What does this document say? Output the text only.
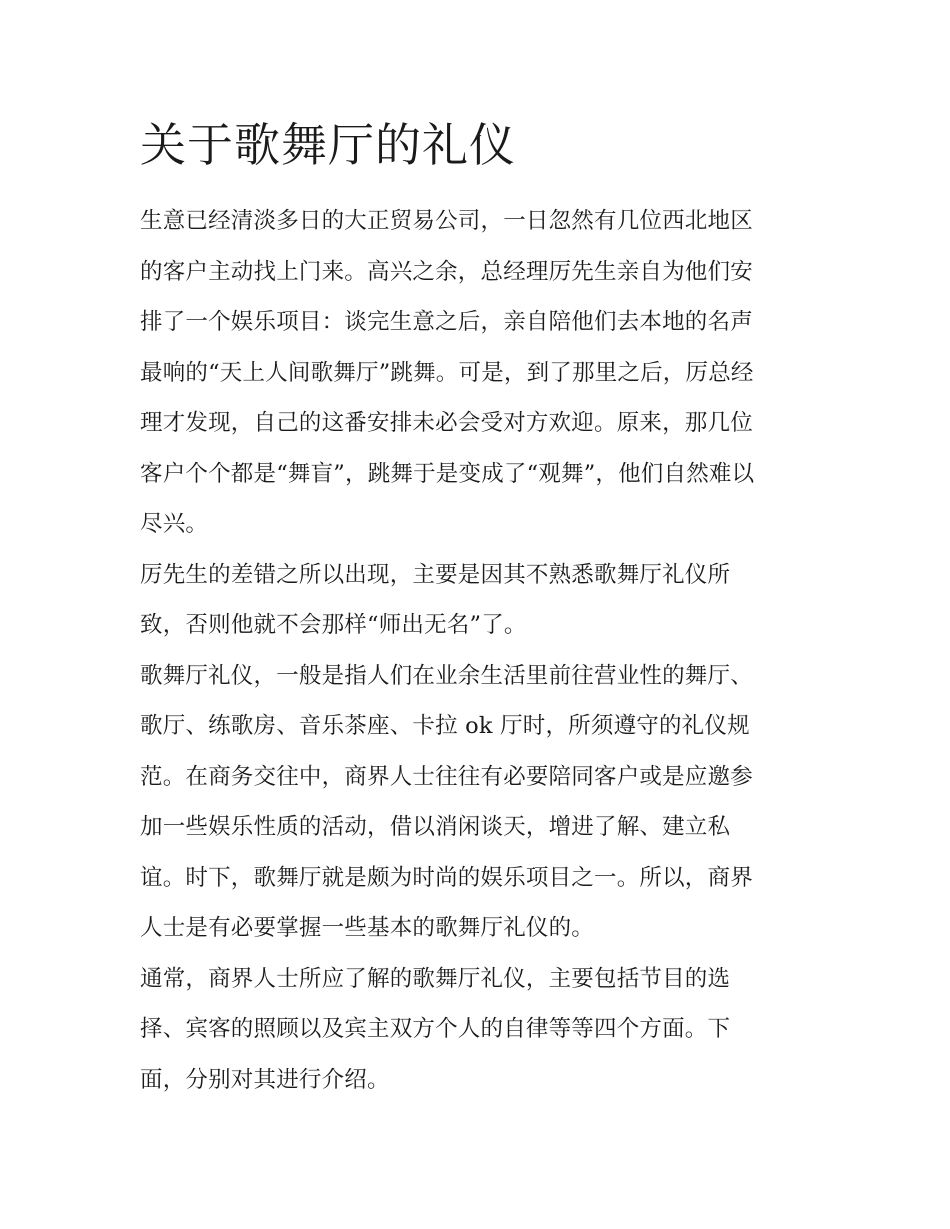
关于歌舞厅的礼仪

生意已经清淡多日的大正贸易公司，一日忽然有几位西北地区
的客户主动找上门来。高兴之余，总经理厉先生亲自为他们安
排了一个娱乐项目：谈完生意之后，亲自陪他们去本地的名声
最响的“天上人间歌舞厅”跳舞。可是，到了那里之后，厉总经
理才发现，自己的这番安排未必会受对方欢迎。原来，那几位
客户个个都是“舞盲”，跳舞于是变成了“观舞”，他们自然难以
尽兴。

厉先生的差错之所以出现，主要是因其不熟悉歌舞厅礼仪所
致，否则他就不会那样“师出无名”了。

歌舞厅礼仪，一般是指人们在业余生活里前往营业性的舞厅、
歌厅、练歌房、音乐茶座、卡拉 ok 厅时，所须遵守的礼仪规
范。在商务交往中，商界人士往往有必要陪同客户或是应邀参
加一些娱乐性质的活动，借以消闲谈天，增进了解、建立私
谊。时下，歌舞厅就是颇为时尚的娱乐项目之一。所以，商界
人士是有必要掌握一些基本的歌舞厅礼仪的。

通常，商界人士所应了解的歌舞厅礼仪，主要包括节目的选
择、宾客的照顾以及宾主双方个人的自律等等四个方面。下
面，分别对其进行介绍。
